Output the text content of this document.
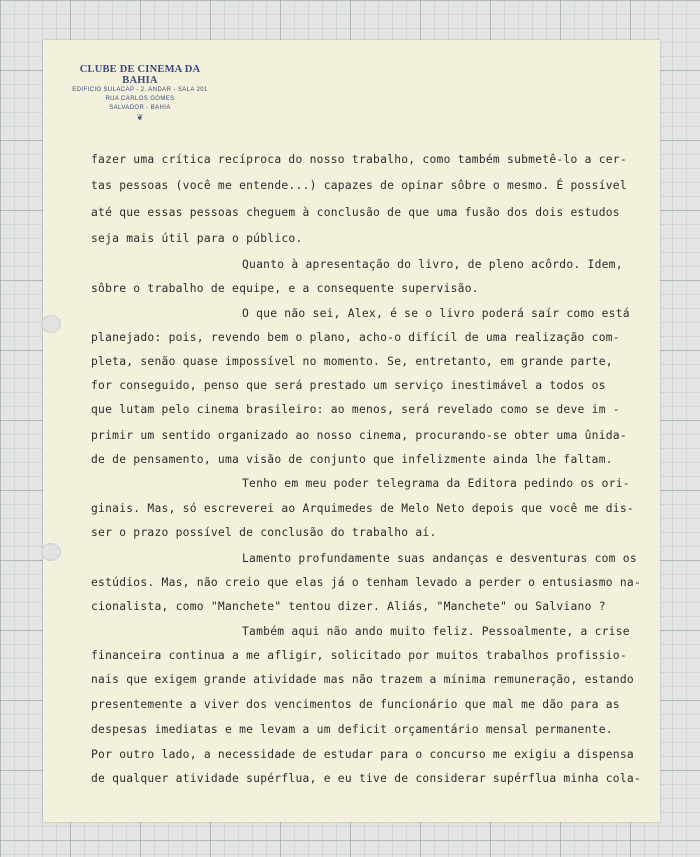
CLUBE DE CINEMA DA BAHIA
EDIFICIO SULACAP - 2. ANDAR - SALA 201
RUA CARLOS GOMES
SALVADOR - BAHIA
❦
fazer uma crítica recíproca do nosso trabalho, como também submetê-lo a cer-
tas pessoas (você me entende...) capazes de opinar sôbre o mesmo. É possível
até que essas pessoas cheguem à conclusão de que uma fusão dos dois estudos
seja mais útil para o público.
Quanto à apresentação do livro, de pleno acôrdo. Idem,
sôbre o trabalho de equipe, e a consequente supervisão.
O que não sei, Alex, é se o livro poderá saír como está
planejado: pois, revendo bem o plano, acho-o difícil de uma realização com-
pleta, senão quase impossível no momento. Se, entretanto, em grande parte,
for conseguido, penso que será prestado um serviço inestimável a todos os
que lutam pelo cinema brasileiro: ao menos, será revelado como se deve im -
primir um sentido organizado ao nosso cinema, procurando-se obter uma ûnida-
de de pensamento, uma visão de conjunto que infelizmente ainda lhe faltam.
Tenho em meu poder telegrama da Editora pedindo os ori-
ginais. Mas, só escreverei ao Arquimedes de Melo Neto depois que você me dis-
ser o prazo possível de conclusão do trabalho aí.
Lamento profundamente suas andanças e desventuras com os
estúdios. Mas, não creio que elas já o tenham levado a perder o entusiasmo na-
cionalista, como "Manchete" tentou dizer. Aliás, "Manchete" ou Salviano ?
Também aqui não ando muito feliz. Pessoalmente, a crise
financeira continua a me afligir, solicitado por muitos trabalhos profissio-
nais que exigem grande atividade mas não trazem a mínima remuneração, estando
presentemente a viver dos vencimentos de funcionário que mal me dão para as
despesas imediatas e me levam a um deficit orçamentário mensal permanente.
Por outro lado, a necessidade de estudar para o concurso me exigiu a dispensa
de qualquer atividade supérflua, e eu tive de considerar supérflua minha cola-
